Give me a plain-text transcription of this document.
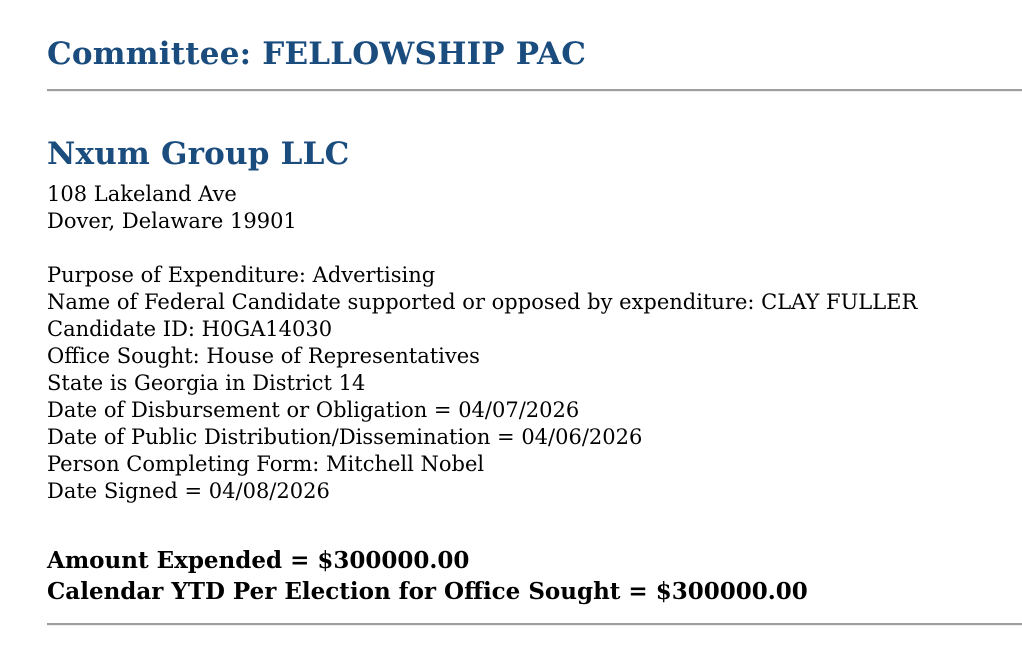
Committee: FELLOWSHIP PAC
Nxum Group LLC
108 Lakeland Ave
Dover, Delaware 19901
Purpose of Expenditure: Advertising
Name of Federal Candidate supported or opposed by expenditure: CLAY FULLER
Candidate ID: H0GA14030
Office Sought: House of Representatives
State is Georgia in District 14
Date of Disbursement or Obligation = 04/07/2026
Date of Public Distribution/Dissemination = 04/06/2026
Person Completing Form: Mitchell Nobel
Date Signed = 04/08/2026
Amount Expended = $300000.00
Calendar YTD Per Election for Office Sought = $300000.00
